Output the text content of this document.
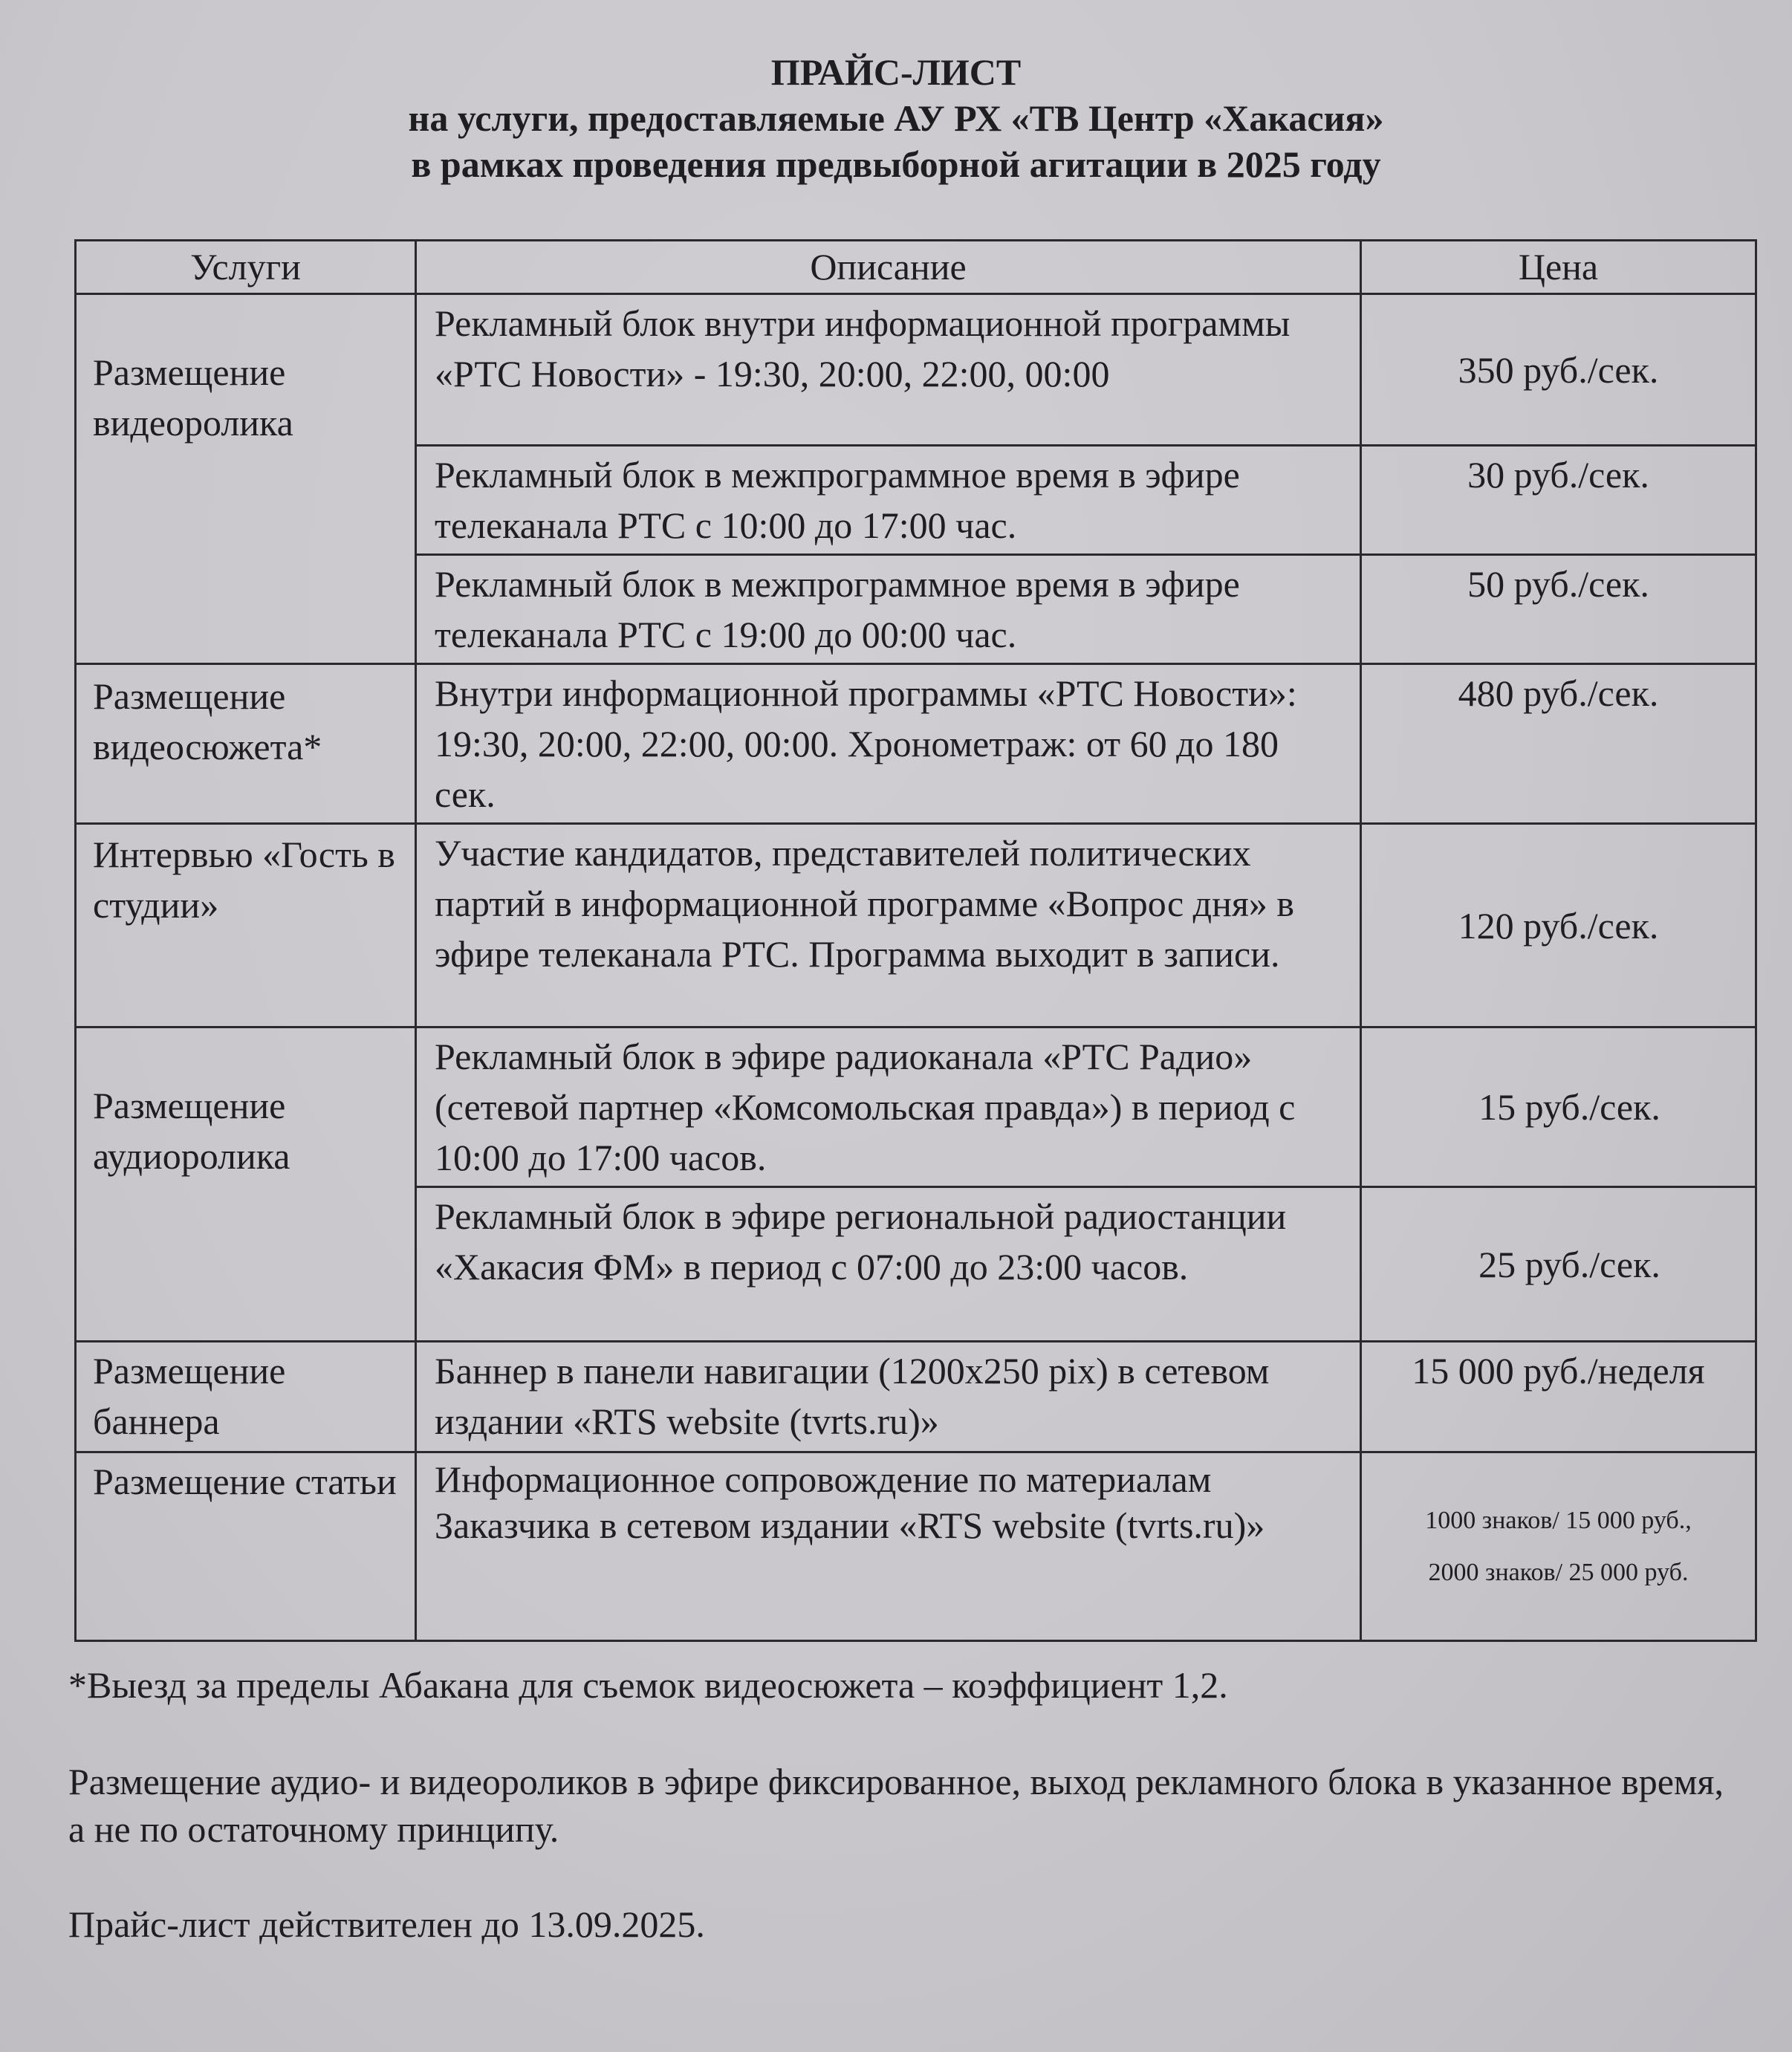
ПРАЙС-ЛИСТ
на услуги, предоставляемые АУ РХ «ТВ Центр «Хакасия»
в рамках проведения предвыборной агитации в 2025 году
Услуги	Описание	Цена
Размещение видеоролика	Рекламный блок внутри информационной программы «РТС Новости» - 19:30, 20:00, 22:00, 00:00	350 руб./сек.
	Рекламный блок в межпрограммное время в эфире телеканала РТС с 10:00 до 17:00 час.	30 руб./сек.
	Рекламный блок в межпрограммное время в эфире телеканала РТС с 19:00 до 00:00 час.	50 руб./сек.
Размещение видеосюжета*	Внутри информационной программы «РТС Новости»: 19:30, 20:00, 22:00, 00:00. Хронометраж: от 60 до 180 сек.	480 руб./сек.
Интервью «Гость в студии»	Участие кандидатов, представителей политических партий в информационной программе «Вопрос дня» в эфире телеканала РТС. Программа выходит в записи.	120 руб./сек.
Размещение аудиоролика	Рекламный блок в эфире радиоканала «РТС Радио» (сетевой партнер «Комсомольская правда») в период с 10:00 до 17:00 часов.	15 руб./сек.
	Рекламный блок в эфире региональной радиостанции «Хакасия ФМ» в период с 07:00 до 23:00 часов.	25 руб./сек.
Размещение баннера	Баннер в панели навигации (1200х250 pix) в сетевом издании «RTS website (tvrts.ru)»	15 000 руб./неделя
Размещение статьи	Информационное сопровождение по материалам Заказчика в сетевом издании «RTS website (tvrts.ru)»	1000 знаков/ 15 000 руб.,
2000 знаков/ 25 000 руб.
*Выезд за пределы Абакана для съемок видеосюжета – коэффициент 1,2.
Размещение аудио- и видеороликов в эфире фиксированное, выход рекламного блока в указанное время, а не по остаточному принципу.
Прайс-лист действителен до 13.09.2025.
